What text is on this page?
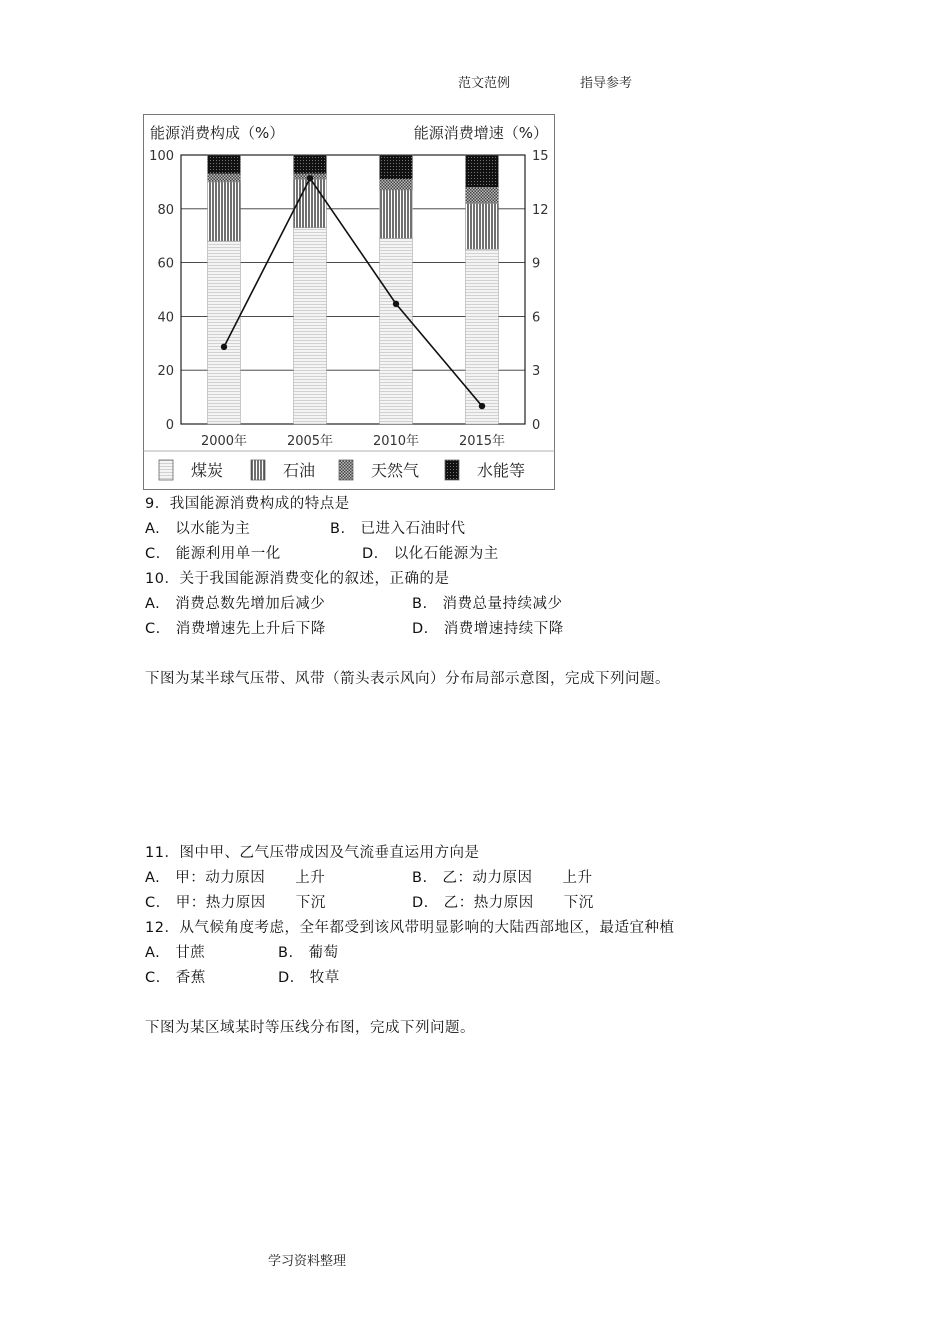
范文范例	指导参考
能源消费构成（%）	能源消费增速（%）
0
20
40
60
80
100
0
3
6
9
12
15
2000年	2005年	2010年	2015年
煤炭	石油	天然气	水能等
9．我国能源消费构成的特点是
A.　以水能为主	B.　已进入石油时代
C.　能源利用单一化	D.　以化石能源为主
10．关于我国能源消费变化的叙述，正确的是
A.　消费总数先增加后减少	B.　消费总量持续减少
C.　消费增速先上升后下降	D.　消费增速持续下降
下图为某半球气压带、风带（箭头表示风向）分布局部示意图，完成下列问题。
11．图中甲、乙气压带成因及气流垂直运用方向是
A.　甲：动力原因　　上升	B.　乙：动力原因　　上升
C.　甲：热力原因　　下沉	D.　乙：热力原因　　下沉
12．从气候角度考虑，全年都受到该风带明显影响的大陆西部地区，最适宜种植
A.　甘蔗	B.　葡萄
C.　香蕉	D.　牧草
下图为某区域某时等压线分布图，完成下列问题。
学习资料整理
